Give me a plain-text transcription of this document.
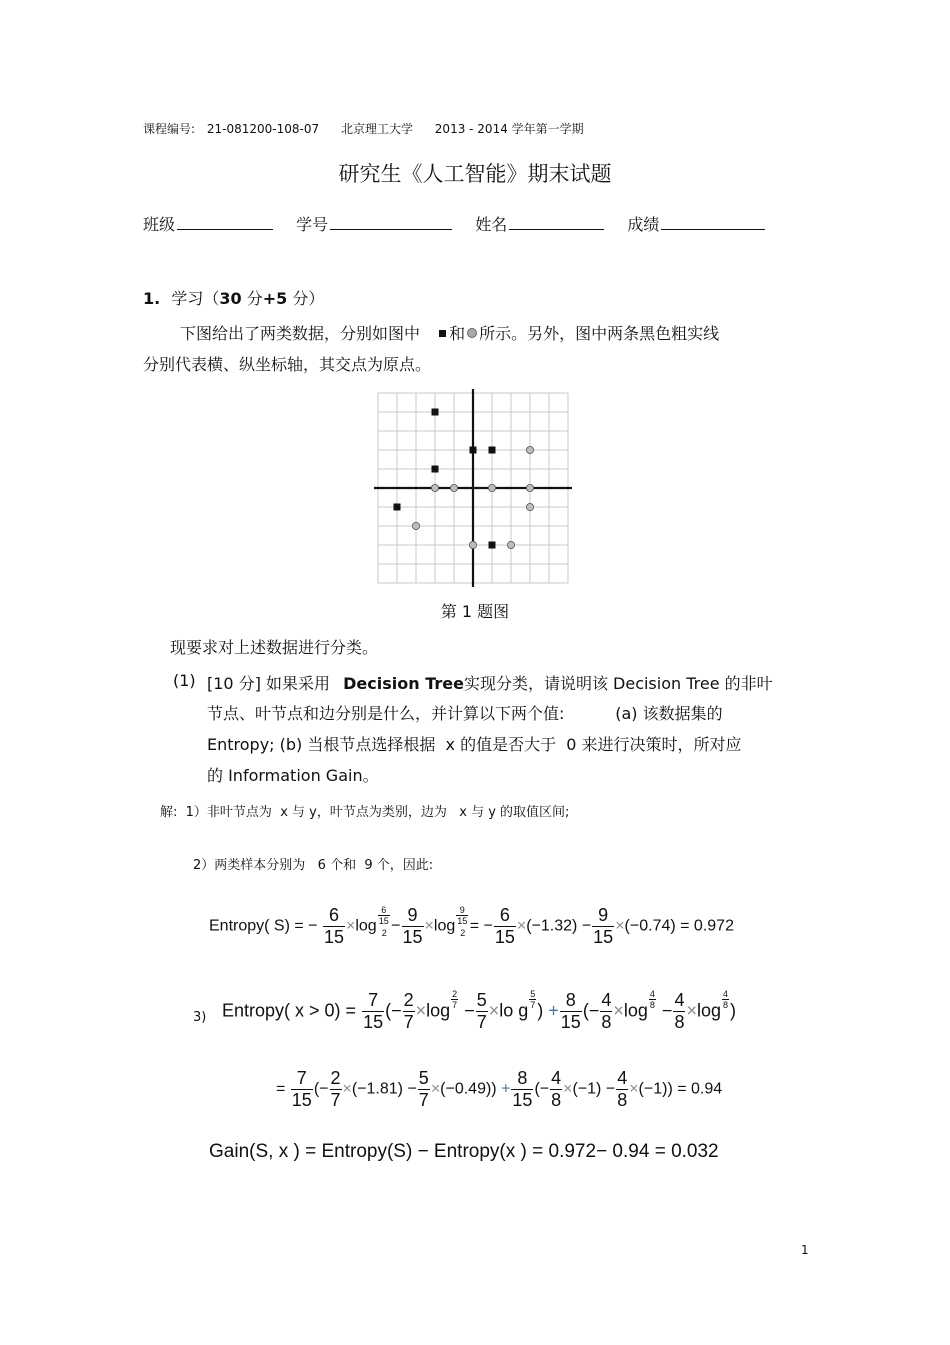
课程编号: 21-081200-108-07 北京理工大学 2013 - 2014 学年第一学期
研究生《人工智能》期末试题
班级	学号	姓名	成绩
1. 学习（30 分+5 分）
下图给出了两类数据，分别如图中 和 所示。另外，图中两条黑色粗实线
分别代表横、纵坐标轴，其交点为原点。
第 1 题图
现要求对上述数据进行分类。
(1) [10 分] 如果采用 Decision Tree实现分类，请说明该 Decision Tree 的非叶
节点、叶节点和边分别是什么，并计算以下两个值:          (a) 该数据集的
Entropy; (b) 当根节点选择根据  x 的值是否大于  0 来进行决策时，所对应
的 Information Gain。
解: 1）非叶节点为  x 与 y，叶节点为类别，边为   x 与 y 的取值区间;
2）两类样本分别为   6 个和  9 个，因此:
Entropy( S) = − $\frac{6}{15} \times\log$
$^{\frac{6}{15}}$
$_2 - \frac{9}{15} \times\log$
$^{\frac{9}{15}}$
$_2$ = − $\frac{6}{15} \times(-1.32) - \frac{9}{15} \times(-0.74) = 0.972$
3) Entropy( $x > 0) = \frac{7}{15}$ (− $\frac{2}{7} \times\log$ $^{\frac{2}{7}} - \frac{5}{7} \times lo$ g $^{\frac{5}{7}}$ ) + $\frac{8}{15}$ (− $\frac{4}{8} \times\log$ $^{\frac{4}{8}} - \frac{4}{8} \times\log$ $^{\frac{4}{8}}$ )
= $\frac{7}{15}$ (− $\frac{2}{7} \times(-1.81) - \frac{5}{7} \times(-0.49)) + \frac{8}{15}$ (− $\frac{4}{8} \times(-1) - \frac{4}{8} \times(-1)) = 0.94$
Gain(S, x ) = Entropy(S) − Entropy(x ) = 0.972− 0.94 = 0.032
1
